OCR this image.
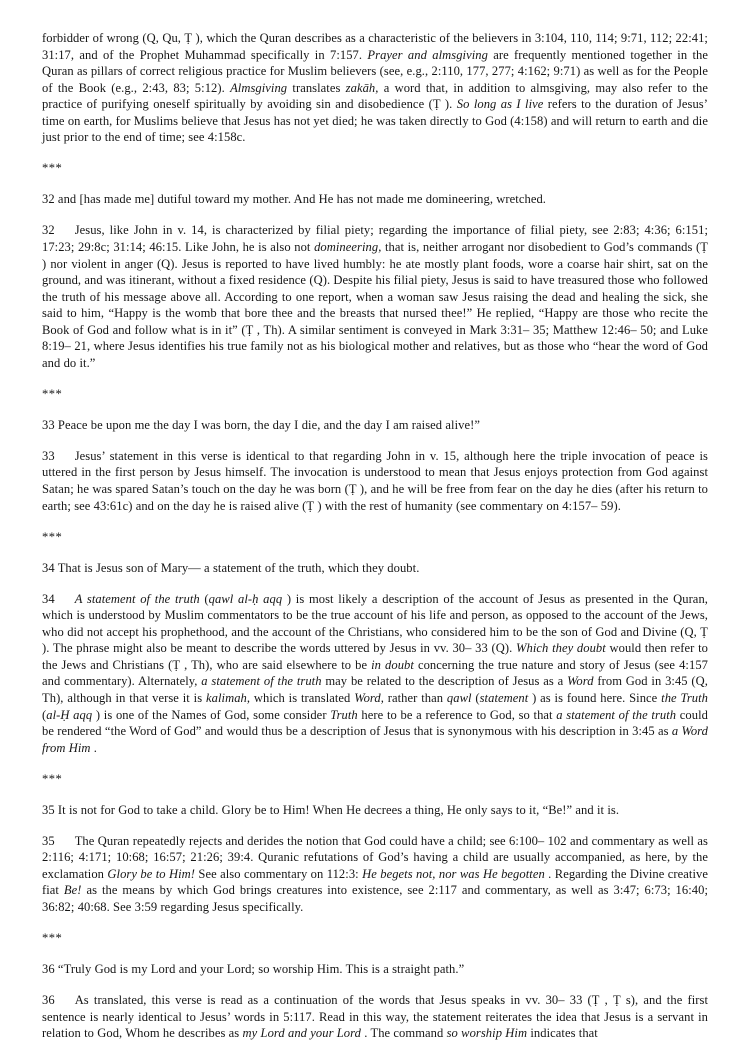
forbidder of wrong (Q, Qu, Ṭ ), which the Quran describes as a characteristic of the believers in 3:104, 110, 114; 9:71, 112; 22:41; 31:17, and of the Prophet Muhammad specifically in 7:157. Prayer and almsgiving are frequently mentioned together in the Quran as pillars of correct religious practice for Muslim believers (see, e.g., 2:110, 177, 277; 4:162; 9:71) as well as for the People of the Book (e.g., 2:43, 83; 5:12). Almsgiving translates zakāh, a word that, in addition to almsgiving, may also refer to the practice of purifying oneself spiritually by avoiding sin and disobedience (Ṭ ). So long as I live refers to the duration of Jesus’ time on earth, for Muslims believe that Jesus has not yet died; he was taken directly to God (4:158) and will return to earth and die just prior to the end of time; see 4:158c.

***

32 and [has made me] dutiful toward my mother. And He has not made me domineering, wretched.

32 Jesus, like John in v. 14, is characterized by filial piety; regarding the importance of filial piety, see 2:83; 4:36; 6:151; 17:23; 29:8c; 31:14; 46:15. Like John, he is also not domineering, that is, neither arrogant nor disobedient to God’s commands (Ṭ ) nor violent in anger (Q). Jesus is reported to have lived humbly: he ate mostly plant foods, wore a coarse hair shirt, sat on the ground, and was itinerant, without a fixed residence (Q). Despite his filial piety, Jesus is said to have treasured those who followed the truth of his message above all. According to one report, when a woman saw Jesus raising the dead and healing the sick, she said to him, “Happy is the womb that bore thee and the breasts that nursed thee!” He replied, “Happy are those who recite the Book of God and follow what is in it” (Ṭ , Th). A similar sentiment is conveyed in Mark 3:31– 35; Matthew 12:46– 50; and Luke 8:19– 21, where Jesus identifies his true family not as his biological mother and relatives, but as those who “hear the word of God and do it.”

***

33 Peace be upon me the day I was born, the day I die, and the day I am raised alive!”

33 Jesus’ statement in this verse is identical to that regarding John in v. 15, although here the triple invocation of peace is uttered in the first person by Jesus himself. The invocation is understood to mean that Jesus enjoys protection from God against Satan; he was spared Satan’s touch on the day he was born (Ṭ ), and he will be free from fear on the day he dies (after his return to earth; see 43:61c) and on the day he is raised alive (Ṭ ) with the rest of humanity (see commentary on 4:157– 59).

***

34 That is Jesus son of Mary— a statement of the truth, which they doubt.

34 A statement of the truth (qawl al-ḥ aqq ) is most likely a description of the account of Jesus as presented in the Quran, which is understood by Muslim commentators to be the true account of his life and person, as opposed to the account of the Jews, who did not accept his prophethood, and the account of the Christians, who considered him to be the son of God and Divine (Q, Ṭ ). The phrase might also be meant to describe the words uttered by Jesus in vv. 30– 33 (Q). Which they doubt would then refer to the Jews and Christians (Ṭ , Th), who are said elsewhere to be in doubt concerning the true nature and story of Jesus (see 4:157 and commentary). Alternately, a statement of the truth may be related to the description of Jesus as a Word from God in 3:45 (Q, Th), although in that verse it is kalimah, which is translated Word, rather than qawl (statement ) as is found here. Since the Truth (al-Ḥ aqq ) is one of the Names of God, some consider Truth here to be a reference to God, so that a statement of the truth could be rendered “the Word of God” and would thus be a description of Jesus that is synonymous with his description in 3:45 as a Word from Him .

***

35 It is not for God to take a child. Glory be to Him! When He decrees a thing, He only says to it, “Be!” and it is.

35 The Quran repeatedly rejects and derides the notion that God could have a child; see 6:100– 102 and commentary as well as 2:116; 4:171; 10:68; 16:57; 21:26; 39:4. Quranic refutations of God’s having a child are usually accompanied, as here, by the exclamation Glory be to Him! See also commentary on 112:3: He begets not, nor was He begotten . Regarding the Divine creative fiat Be! as the means by which God brings creatures into existence, see 2:117 and commentary, as well as 3:47; 6:73; 16:40; 36:82; 40:68. See 3:59 regarding Jesus specifically.

***

36 “Truly God is my Lord and your Lord; so worship Him. This is a straight path.”

36 As translated, this verse is read as a continuation of the words that Jesus speaks in vv. 30– 33 (Ṭ , Ṭ s), and the first sentence is nearly identical to Jesus’ words in 5:117. Read in this way, the statement reiterates the idea that Jesus is a servant in relation to God, Whom he describes as my Lord and your Lord . The command so worship Him indicates that
